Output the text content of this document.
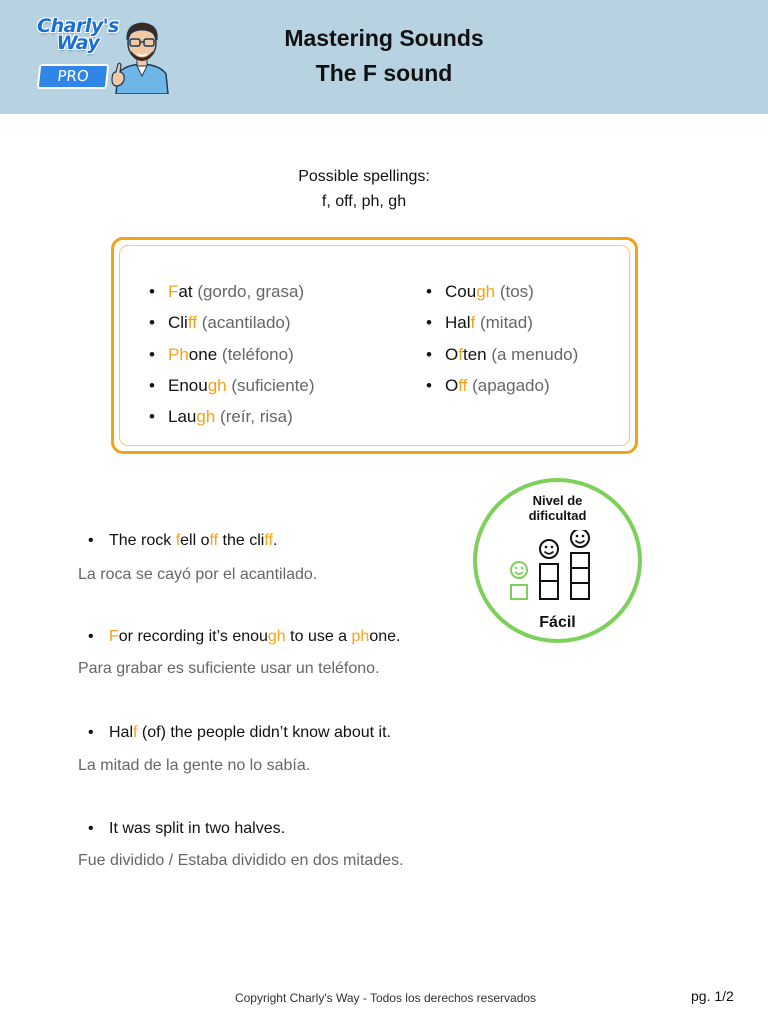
Charly's
Way
PRO
Mastering Sounds
The F sound
Possible spellings:
f, off, ph, gh
• Fat (gordo, grasa)
• Cliff (acantilado)
• Phone (teléfono)
• Enough (suficiente)
• Laugh (reír, risa)
• Cough (tos)
• Half (mitad)
• Often (a menudo)
• Off (apagado)
Nivel de
dificultad
Fácil
• The rock fell off the cliff.
La roca se cayó por el acantilado.
• For recording it’s enough to use a phone.
Para grabar es suficiente usar un teléfono.
• Half (of) the people didn’t know about it.
La mitad de la gente no lo sabía.
• It was split in two halves.
Fue dividido / Estaba dividido en dos mitades.
Copyright Charly's Way - Todos los derechos reservados	pg. 1/2
